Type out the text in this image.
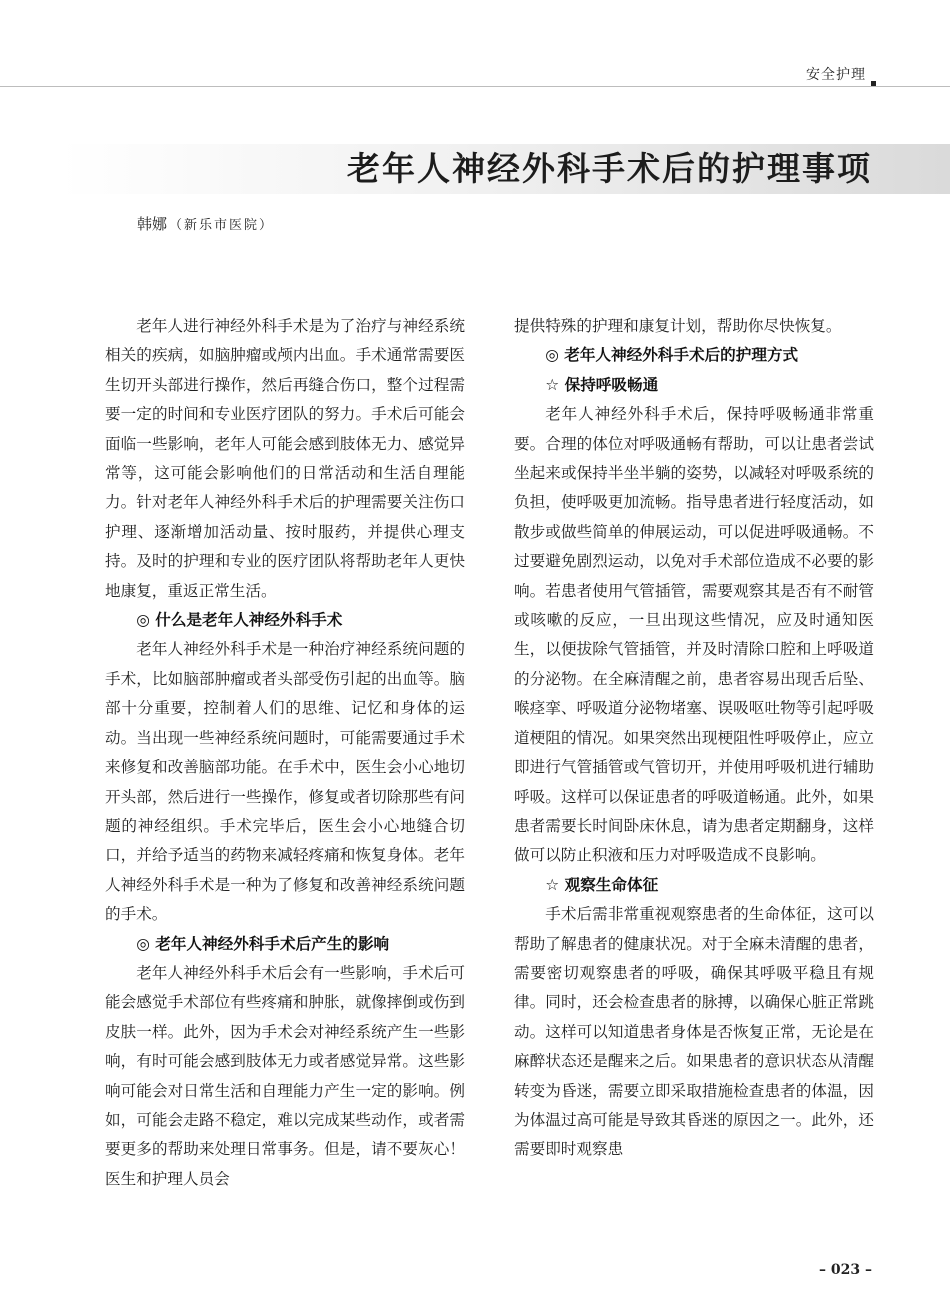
安全护理
老年人神经外科手术后的护理事项
韩娜 （新乐市医院）

老年人进行神经外科手术是为了治疗与神经系统相关的疾病，如脑肿瘤或颅内出血。手术通常需要医生切开头部进行操作，然后再缝合伤口，整个过程需要一定的时间和专业医疗团队的努力。手术后可能会面临一些影响，老年人可能会感到肢体无力、感觉异常等，这可能会影响他们的日常活动和生活自理能力。针对老年人神经外科手术后的护理需要关注伤口护理、逐渐增加活动量、按时服药，并提供心理支持。及时的护理和专业的医疗团队将帮助老年人更快地康复，重返正常生活。

◎ 什么是老年人神经外科手术

老年人神经外科手术是一种治疗神经系统问题的手术，比如脑部肿瘤或者头部受伤引起的出血等。脑部十分重要，控制着人们的思维、记忆和身体的运动。当出现一些神经系统问题时，可能需要通过手术来修复和改善脑部功能。在手术中，医生会小心地切开头部，然后进行一些操作，修复或者切除那些有问题的神经组织。手术完毕后，医生会小心地缝合切口，并给予适当的药物来减轻疼痛和恢复身体。老年人神经外科手术是一种为了修复和改善神经系统问题的手术。

◎ 老年人神经外科手术后产生的影响

老年人神经外科手术后会有一些影响，手术后可能会感觉手术部位有些疼痛和肿胀，就像摔倒或伤到皮肤一样。此外，因为手术会对神经系统产生一些影响，有时可能会感到肢体无力或者感觉异常。这些影响可能会对日常生活和自理能力产生一定的影响。例如，可能会走路不稳定，难以完成某些动作，或者需要更多的帮助来处理日常事务。但是，请不要灰心！医生和护理人员会

提供特殊的护理和康复计划，帮助你尽快恢复。

◎ 老年人神经外科手术后的护理方式
☆ 保持呼吸畅通

老年人神经外科手术后，保持呼吸畅通非常重要。合理的体位对呼吸通畅有帮助，可以让患者尝试坐起来或保持半坐半躺的姿势，以减轻对呼吸系统的负担，使呼吸更加流畅。指导患者进行轻度活动，如散步或做些简单的伸展运动，可以促进呼吸通畅。不过要避免剧烈运动，以免对手术部位造成不必要的影响。若患者使用气管插管，需要观察其是否有不耐管或咳嗽的反应，一旦出现这些情况，应及时通知医生，以便拔除气管插管，并及时清除口腔和上呼吸道的分泌物。在全麻清醒之前，患者容易出现舌后坠、喉痉挛、呼吸道分泌物堵塞、误吸呕吐物等引起呼吸道梗阻的情况。如果突然出现梗阻性呼吸停止，应立即进行气管插管或气管切开，并使用呼吸机进行辅助呼吸。这样可以保证患者的呼吸道畅通。此外，如果患者需要长时间卧床休息，请为患者定期翻身，这样做可以防止积液和压力对呼吸造成不良影响。

☆ 观察生命体征

手术后需非常重视观察患者的生命体征，这可以帮助了解患者的健康状况。对于全麻未清醒的患者，需要密切观察患者的呼吸，确保其呼吸平稳且有规律。同时，还会检查患者的脉搏，以确保心脏正常跳动。这样可以知道患者身体是否恢复正常，无论是在麻醉状态还是醒来之后。如果患者的意识状态从清醒转变为昏迷，需要立即采取措施检查患者的体温，因为体温过高可能是导致其昏迷的原因之一。此外，还需要即时观察患

– 023 –
